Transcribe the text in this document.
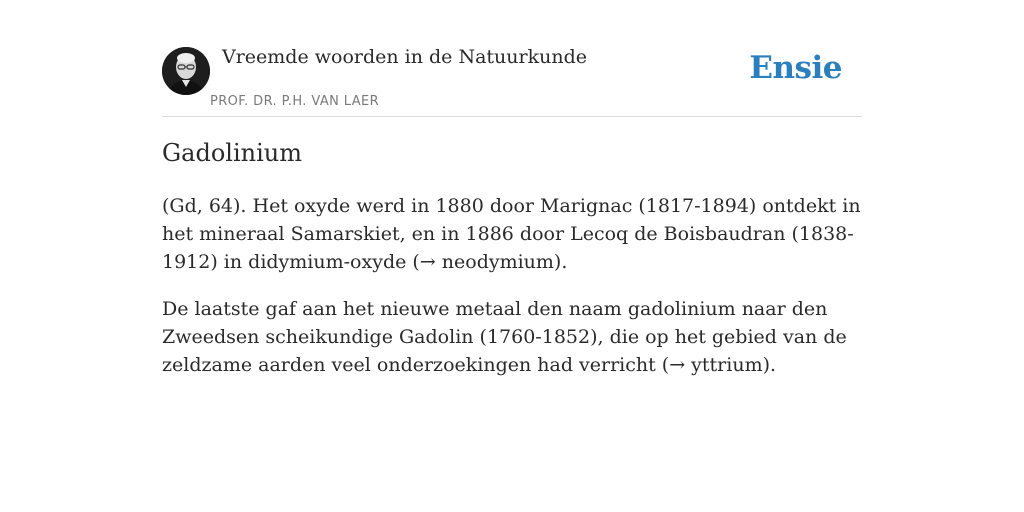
Vreemde woorden in de Natuurkunde
PROF. DR. P.H. VAN LAER
Ensie
Gadolinium

(Gd, 64). Het oxyde werd in 1880 door Marignac (1817-1894) ontdekt in het mineraal Samarskiet, en in 1886 door Lecoq de Boisbaudran (1838-1912) in didymium-oxyde (→ neodymium).

De laatste gaf aan het nieuwe metaal den naam gadolinium naar den Zweedsen scheikundige Gadolin (1760-1852), die op het gebied van de zeldzame aarden veel onderzoekingen had verricht (→ yttrium).
